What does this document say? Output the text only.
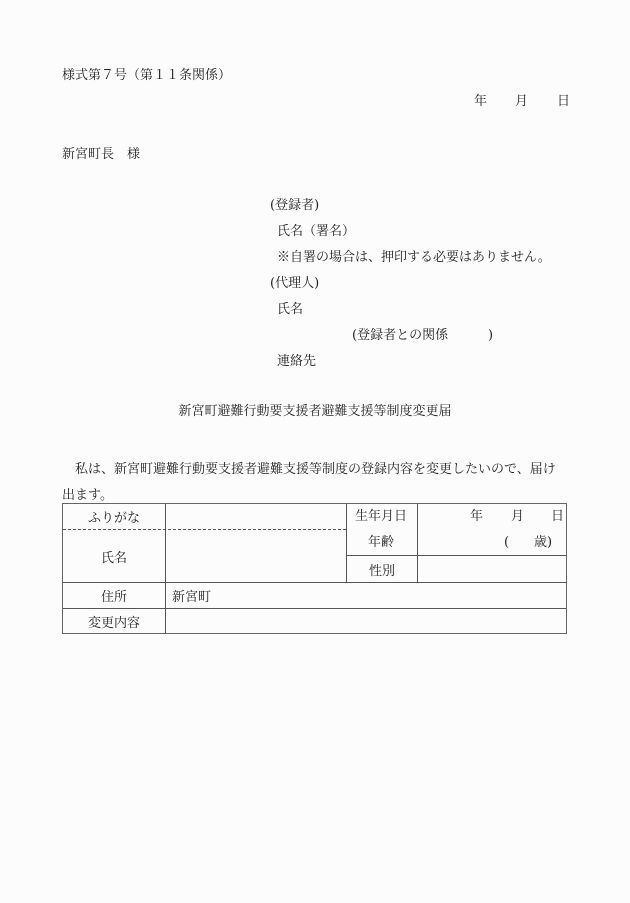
様式第７号（第１１条関係）
年 月 日
新宮町長　様
(登録者)
氏名（署名）
※自署の場合は、押印する必要はありません。
(代理人)
氏名
(登録者との関係	)
連絡先
新宮町避難行動要支援者避難支援等制度変更届
私は、新宮町避難行動要支援者避難支援等制度の登録内容を変更したいので、届け出ます。
ふりがな
氏名
生年月日
年齢
年 月 日
( 歳)
性別
住所	新宮町
変更内容
